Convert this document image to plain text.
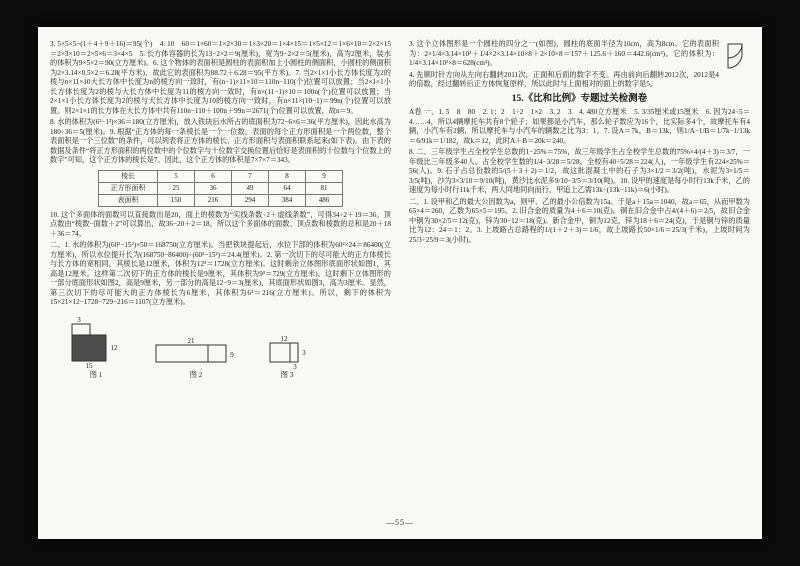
3. 5×5×5−(1＋4＋9＋16)＝95(个)　4. 10　60＝1×60＝1×2×30＝1×3×20＝1×4×15＝1×5×12＝1×6×10＝2×2×15＝2×3×10＝2×5×6＝3×4×5　5. 长方体容器的长为13−2×2＝9(厘米)，宽为9−2×2＝5(厘米)，高为2厘米，装水的体积为9×5×2＝90(立方厘米)。6. 这个物体的表面积是圆柱的表面积加上小圆柱的侧面积，小圆柱的侧面积为2×3.14×0.5×2＝6.28(平方米)，故此它的表面积为88.72＋6.28＝95(平方米)。7. 当2×1×1小长方体长度为2的棱与n×11×10大长方体中长度为n的棱方向一致时，有(n−1)×11×10＝110n−110(个)位置可以放置；当2×1×1小长方体长度为2的棱与大长方体中长度为11的棱方向一致时，有n×(11−1)×10＝100n(个)位置可以放置；当2×1×1小长方体长度为2的棱与大长方体中长度为10的棱方向一致时，有n×11×(10−1)＝99n(个)位置可以放置。则2×1×1的长方体在大长方体中共有110n−110＋100n＋99n＝2671(个)位置可以放置，故n＝9。

8. 水的体积为(6²−1²)×36＝180(立方厘米)，放入铁块后水所占的底面积为72−6×6＝36(平方厘米)，因此水高为180÷36＝5(厘米)。9. 根据“正方体的每一条棱长是一个一位数，表面的每个正方形面积是一个两位数，整个表面积是一个三位数”的条件，可以列表将正方体的棱长、正方形面积与表面积联系起来(如下表)。由下表的数据及条件“将正方形面积的两位数中的个位数字与十位数字交换位置后恰好是表面积的十位数与个位数上的数字”可知，这个正方体的棱长是7。因此，这个正方体的体积是7×7×7＝343。

棱长	5	6	7	8	9
正方形面积	25	36	49	64	81
表面积	150	216	294	384	486

10. 这个多面体的面数可以直接数出是20，面上的棱数为“实线条数÷2＋虚线条数”，可得34÷2＋19＝36。顶点数由“棱数−面数＋2”可以算出，故36−20＋2＝18，所以这个多面体的面数、顶点数和棱数的总和是20＋18＋36＝74。

二、1. 水的体积为(60²−15²)×50＝168750(立方厘米)。当把铁块提起后，水位下部的体积为60²×24＝86400(立方厘米)，所以水位提升长为(168750−86400)÷(60²−15²)＝24.4(厘米)。2. 第一次切下的尽可能大的正方体棱长与长方体的宽相同，其棱长是12厘米，体积为12³＝1728(立方厘米)。这时剩余立体图形底面形状如图1，其高是12厘米。这样第二次切下的正方体的棱长是9厘米，其体积为9³＝729(立方厘米)。这时剩下立体图形的一部分底面形状如图2，高是9厘米，另一部分的高是12−9＝3(厘米)，其底面形状如图3，高为3厘米。显然，第三次切下的尽可能大的正方体棱长为6厘米，其体积为6³＝216(立方厘米)。所以，剩下的体积为15×21×12−1728−729−216＝1107(立方厘米)。

3
12
15
图 1
21
9
图 2
12
3
3
图 3

3. 这个立体图形是一个圆柱的四分之一(如图)，圆柱的底面半径为10cm，高为8cm。它的表面积为：2×1/4×3.14×10²＋1/4×2×3.14×10×8＋2×10×8＝157＋125.6＋160＝442.6(cm²)。它的体积为：1/4×3.14×10²×8＝628(cm³)。

4. 先顺时针方向从左向右翻转2011次，正面和后面的数字不变。再由前向后翻转2012次，2012是4的倍数，经过翻转后正方体恢复原样，所以此时与上面相对的面上的数字是5。

15.《比和比例》专题过关检测卷

A卷 一、1. 5　8　80　2. 1：2　1÷2　1×2　3. 2　3　4. 480立方厘米　5. 3/35厘米或15厘米　6. 因为24÷5＝4……4，所以4辆摩托车共有8个轮子；如果都是小汽车，那么轮子数应为16个，比实际多4个，故摩托车有4辆，小汽车有2辆，所以摩托车与小汽车的辆数之比为3：1。7. 设A＝7k，B＝13k，则1/A−1/B＝1/7k−1/13k＝6/91k＝1/182，故k＝12，此时A＋B＝20k＝240。

8. 二、三年级学生占全校学生总数的1−25%＝75%，故三年级学生占全校学生总数的75%×4/(4＋3)＝3/7，一年级比三年级多40人，占全校学生数的1/4−3/28＝5/28，全校有40÷5/28＝224(人)，一年级学生有224×25%＝56(人)。9. 石子占总份数的5/(5＋3＋2)＝1/2，故这批混凝土中的石子为3×1/2＝3/2(吨)，水泥为3×1/5＝3/5(吨)，沙为3×3/10＝9/10(吨)，黄沙比水泥多9/10−3/5＝3/10(吨)。10. 设甲的速度是每小时行13k千米，乙的速度为每小时行11k千米，两人同地同向而行，甲追上乙需13k÷(13k−11k)＝6(小时)。

二、1. 设甲和乙的最大公因数为a，则甲、乙的最小公倍数为15a。于是a＋15a＝1040，故a＝65，从而甲数为65×4＝260，乙数为65×5＝195。2. 旧合金的质量为4＋6＝10(克)。铜在旧合金中占4/(4＋6)＝2/5，故旧合金中铜为30×2/5＝12(克)，锌为30−12＝18(克)。新合金中，铜为12克，锌为18＋6＝24(克)，于是铜与锌的质量比为12：24＝1：2。3. 上坡路占总路程的1/(1＋2＋3)＝1/6，故上坡路长50×1/6＝25/3(千米)，上坡时间为25/3÷25/9＝3(小时)。

—55—
